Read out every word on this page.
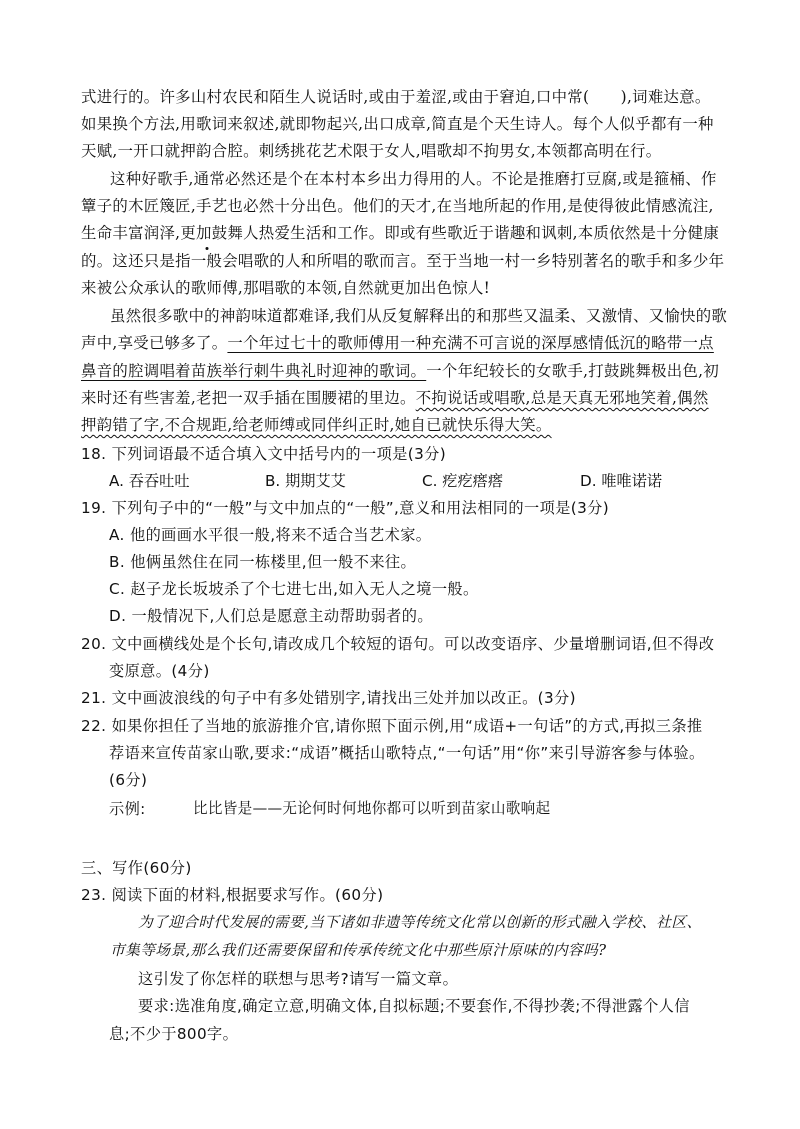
式进行的。许多山村农民和陌生人说话时,或由于羞涩,或由于窘迫,口中常(　　),词难达意。
如果换个方法,用歌词来叙述,就即物起兴,出口成章,简直是个天生诗人。每个人似乎都有一种
天赋,一开口就押韵合腔。刺绣挑花艺术限于女人,唱歌却不拘男女,本领都高明在行。
这种好歌手,通常必然还是个在本村本乡出力得用的人。不论是推磨打豆腐,或是箍桶、作
簟子的木匠篾匠,手艺也必然十分出色。他们的天才,在当地所起的作用,是使得彼此情感流注,
生命丰富润泽,更加鼓舞人热爱生活和工作。即或有些歌近于谐趣和讽刺,本质依然是十分健康
的。这还只是指一般会唱歌的人和所唱的歌而言。至于当地一村一乡特别著名的歌手和多少年
来被公众承认的歌师傅,那唱歌的本领,自然就更加出色惊人!
虽然很多歌中的神韵味道都难译,我们从反复解释出的和那些又温柔、又激情、又愉快的歌
声中,享受已够多了。一个年过七十的歌师傅用一种充满不可言说的深厚感情低沉的略带一点
鼻音的腔调唱着苗族举行刺牛典礼时迎神的歌词。一个年纪较长的女歌手,打鼓跳舞极出色,初
来时还有些害羞,老把一双手插在围腰裙的里边。不拘说话或唱歌,总是天真无邪地笑着,偶然
押韵错了字,不合规距,给老师缚或同伴纠正时,她自已就快乐得大笑。
18. 下列词语最不适合填入文中括号内的一项是(3分)
A. 吞吞吐吐	B. 期期艾艾	C. 疙疙瘩瘩	D. 唯唯诺诺
19. 下列句子中的“一般”与文中加点的“一般”,意义和用法相同的一项是(3分)
A. 他的画画水平很一般,将来不适合当艺术家。
B. 他俩虽然住在同一栋楼里,但一般不来往。
C. 赵子龙长坂坡杀了个七进七出,如入无人之境一般。
D. 一般情况下,人们总是愿意主动帮助弱者的。
20. 文中画横线处是个长句,请改成几个较短的语句。可以改变语序、少量增删词语,但不得改
变原意。(4分)
21. 文中画波浪线的句子中有多处错别字,请找出三处并加以改正。(3分)
22. 如果你担任了当地的旅游推介官,请你照下面示例,用“成语+一句话”的方式,再拟三条推
荐语来宣传苗家山歌,要求:“成语”概括山歌特点,“一句话”用“你”来引导游客参与体验。
(6分)
示例:	比比皆是——无论何时何地你都可以听到苗家山歌响起
三、写作(60分)
23. 阅读下面的材料,根据要求写作。(60分)
为了迎合时代发展的需要,当下诸如非遗等传统文化常以创新的形式融入学校、社区、
市集等场景,那么我们还需要保留和传承传统文化中那些原汁原味的内容吗?
这引发了你怎样的联想与思考?请写一篇文章。
要求:选准角度,确定立意,明确文体,自拟标题;不要套作,不得抄袭;不得泄露个人信
息;不少于800字。
